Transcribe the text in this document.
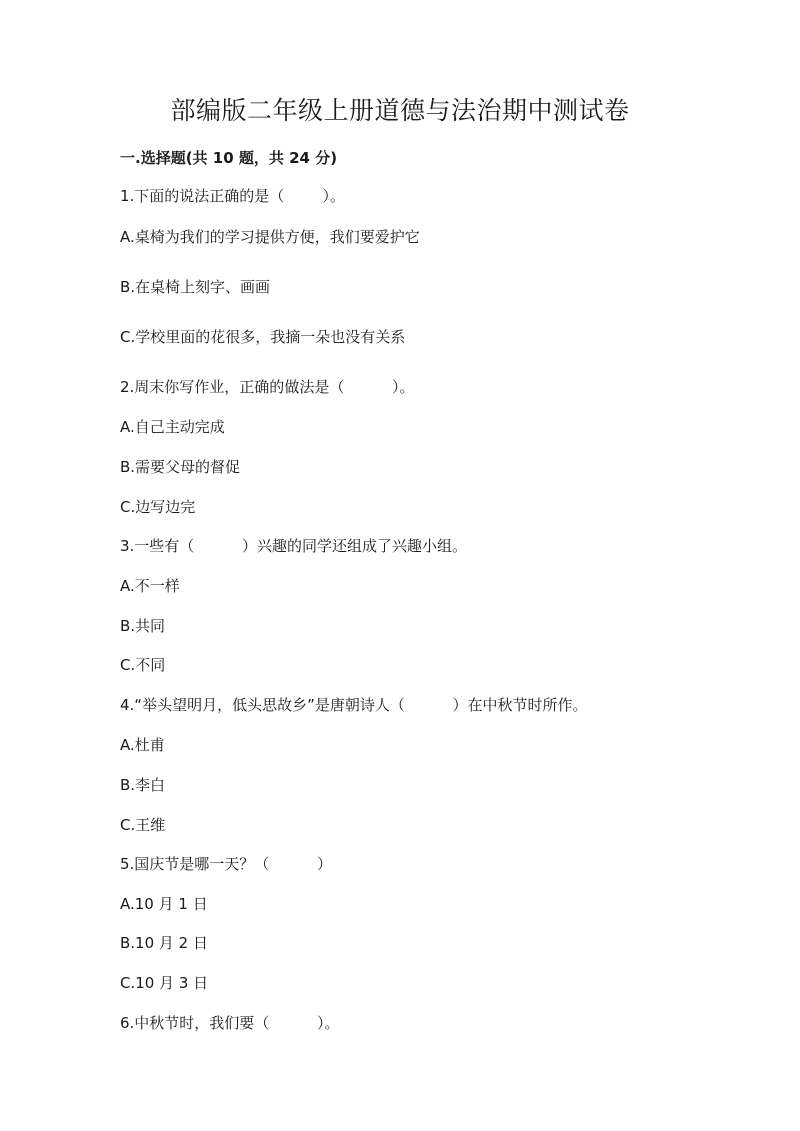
部编版二年级上册道德与法治期中测试卷
一.选择题(共 10 题，共 24 分)
1.下面的说法正确的是（        ）。
A.桌椅为我们的学习提供方便，我们要爱护它
B.在桌椅上刻字、画画
C.学校里面的花很多，我摘一朵也没有关系
2.周末你写作业，正确的做法是（          ）。
A.自己主动完成
B.需要父母的督促
C.边写边完
3.一些有（          ）兴趣的同学还组成了兴趣小组。
A.不一样
B.共同
C.不同
4.“举头望明月，低头思故乡”是唐朝诗人（          ）在中秋节时所作。
A.杜甫
B.李白
C.王维
5.国庆节是哪一天？（          ）
A.10 月 1 日
B.10 月 2 日
C.10 月 3 日
6.中秋节时，我们要（          ）。
